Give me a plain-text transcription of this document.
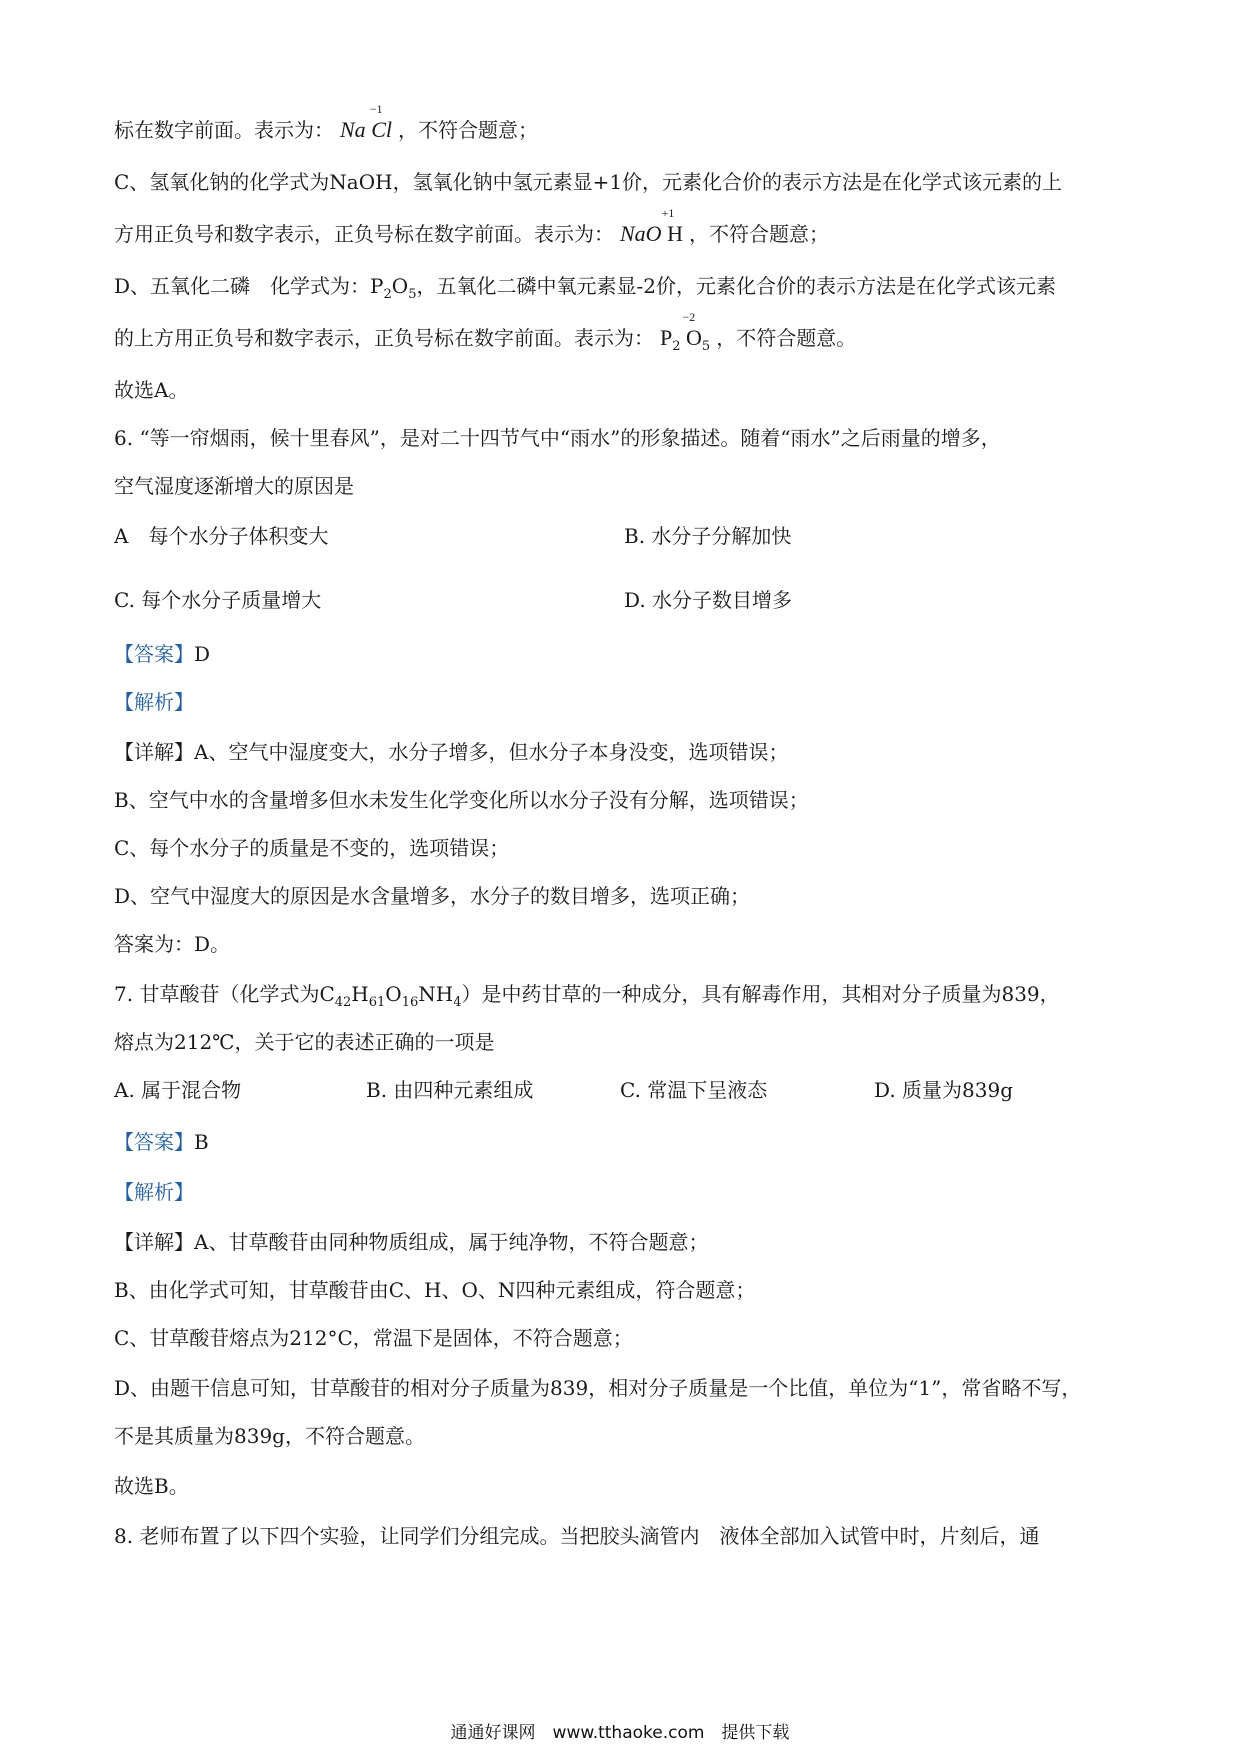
标在数字前面。表示为： Na
−1
Cl ，不符合题意；
C、氢氧化钠的化学式为NaOH，氢氧化钠中氢元素显+1价，元素化合价的表示方法是在化学式该元素的上
方用正负号和数字表示，正负号标在数字前面。表示为： NaO
+1
H ，不符合题意；
D、五氧化二磷　化学式为：$P_2O_5$，五氧化二磷中氧元素显-2价，元素化合价的表示方法是在化学式该元素
的上方用正负号和数字表示，正负号标在数字前面。表示为： $P_2$
−2
$O_5$ ，不符合题意。
故选A。
6. “等一帘烟雨，候十里春风”，是对二十四节气中“雨水”的形象描述。随着“雨水”之后雨量的增多，
空气湿度逐渐增大的原因是
A　每个水分子体积变大	B. 水分子分解加快
C. 每个水分子质量增大	D. 水分子数目增多
【答案】D
【解析】
【详解】A、空气中湿度变大，水分子增多，但水分子本身没变，选项错误；
B、空气中水的含量增多但水未发生化学变化所以水分子没有分解，选项错误；
C、每个水分子的质量是不变的，选项错误；
D、空气中湿度大的原因是水含量增多，水分子的数目增多，选项正确；
答案为：D。
7. 甘草酸苷（化学式为$C_{42}H_{61}O_{16}NH_4$）是中药甘草的一种成分，具有解毒作用，其相对分子质量为839，
熔点为212℃，关于它的表述正确的一项是
A. 属于混合物	B. 由四种元素组成	C. 常温下呈液态	D. 质量为839g
【答案】B
【解析】
【详解】A、甘草酸苷由同种物质组成，属于纯净物，不符合题意；
B、由化学式可知，甘草酸苷由C、H、O、N四种元素组成，符合题意；
C、甘草酸苷熔点为212°C，常温下是固体，不符合题意；
D、由题干信息可知，甘草酸苷的相对分子质量为839，相对分子质量是一个比值，单位为“1”，常省略不写，
不是其质量为839g，不符合题意。
故选B。
8. 老师布置了以下四个实验，让同学们分组完成。当把胶头滴管内　液体全部加入试管中时，片刻后，通
通通好课网　www.tthaoke.com　提供下载
